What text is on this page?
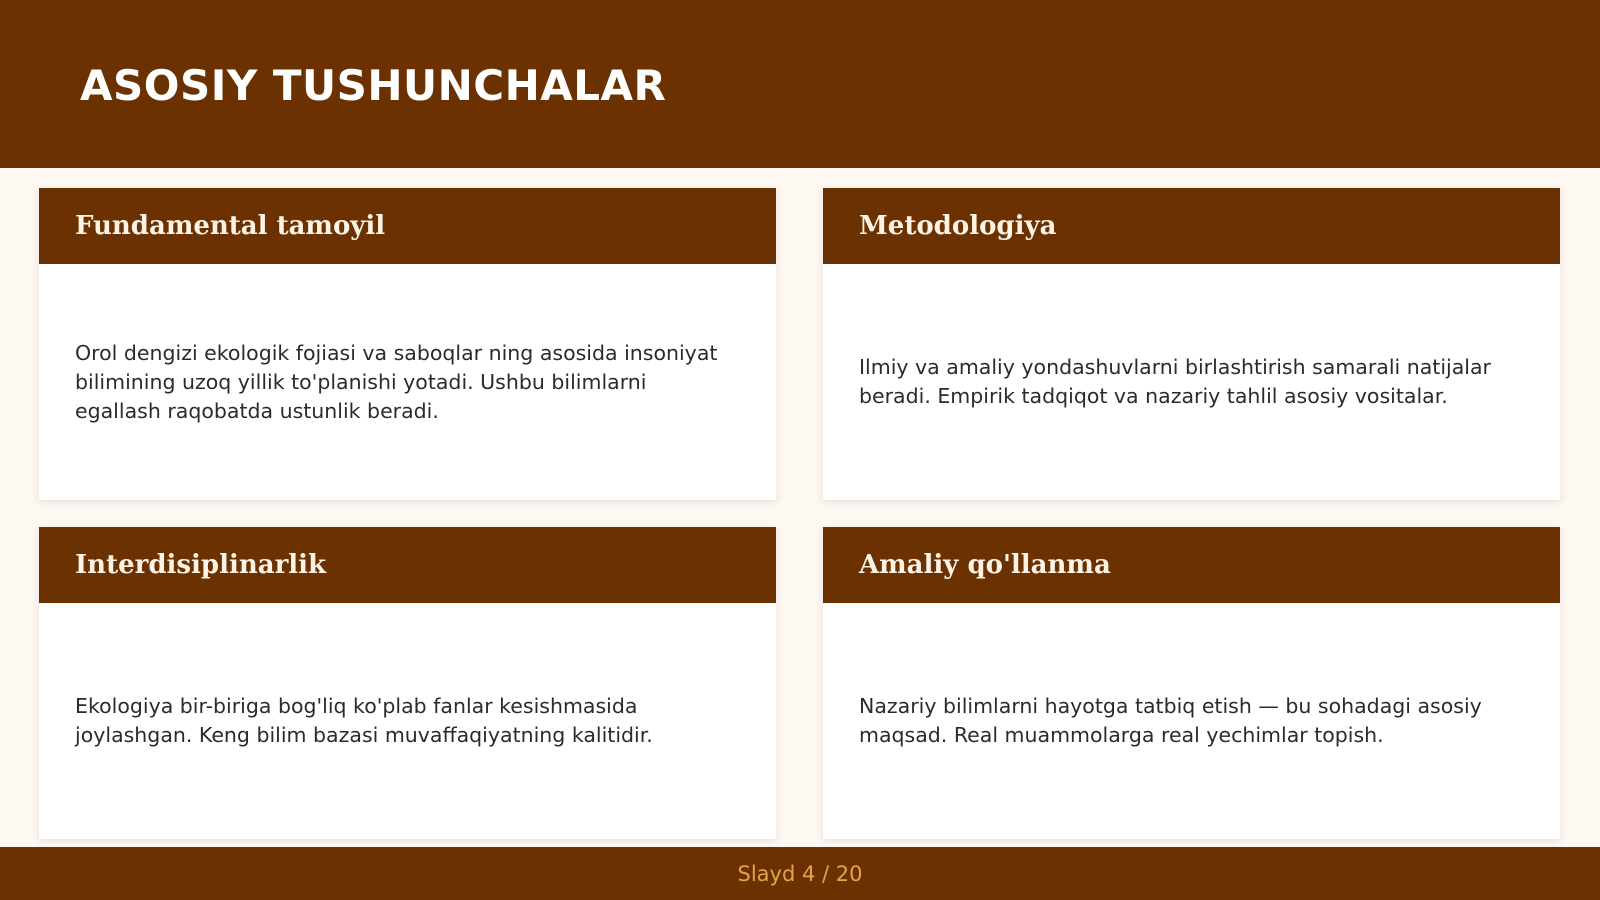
ASOSIY TUSHUNCHALAR
Fundamental tamoyil

Orol dengizi ekologik fojiasi va saboqlar ning asosida insoniyat bilimining uzoq yillik to'planishi yotadi. Ushbu bilimlarni egallash raqobatda ustunlik beradi.

Metodologiya

Ilmiy va amaliy yondashuvlarni birlashtirish samarali natijalar beradi. Empirik tadqiqot va nazariy tahlil asosiy vositalar.

Interdisiplinarlik

Ekologiya bir-biriga bog'liq ko'plab fanlar kesishmasida joylashgan. Keng bilim bazasi muvaffaqiyatning kalitidir.

Amaliy qo'llanma

Nazariy bilimlarni hayotga tatbiq etish — bu sohadagi asosiy maqsad. Real muammolarga real yechimlar topish.

Slayd 4 / 20
